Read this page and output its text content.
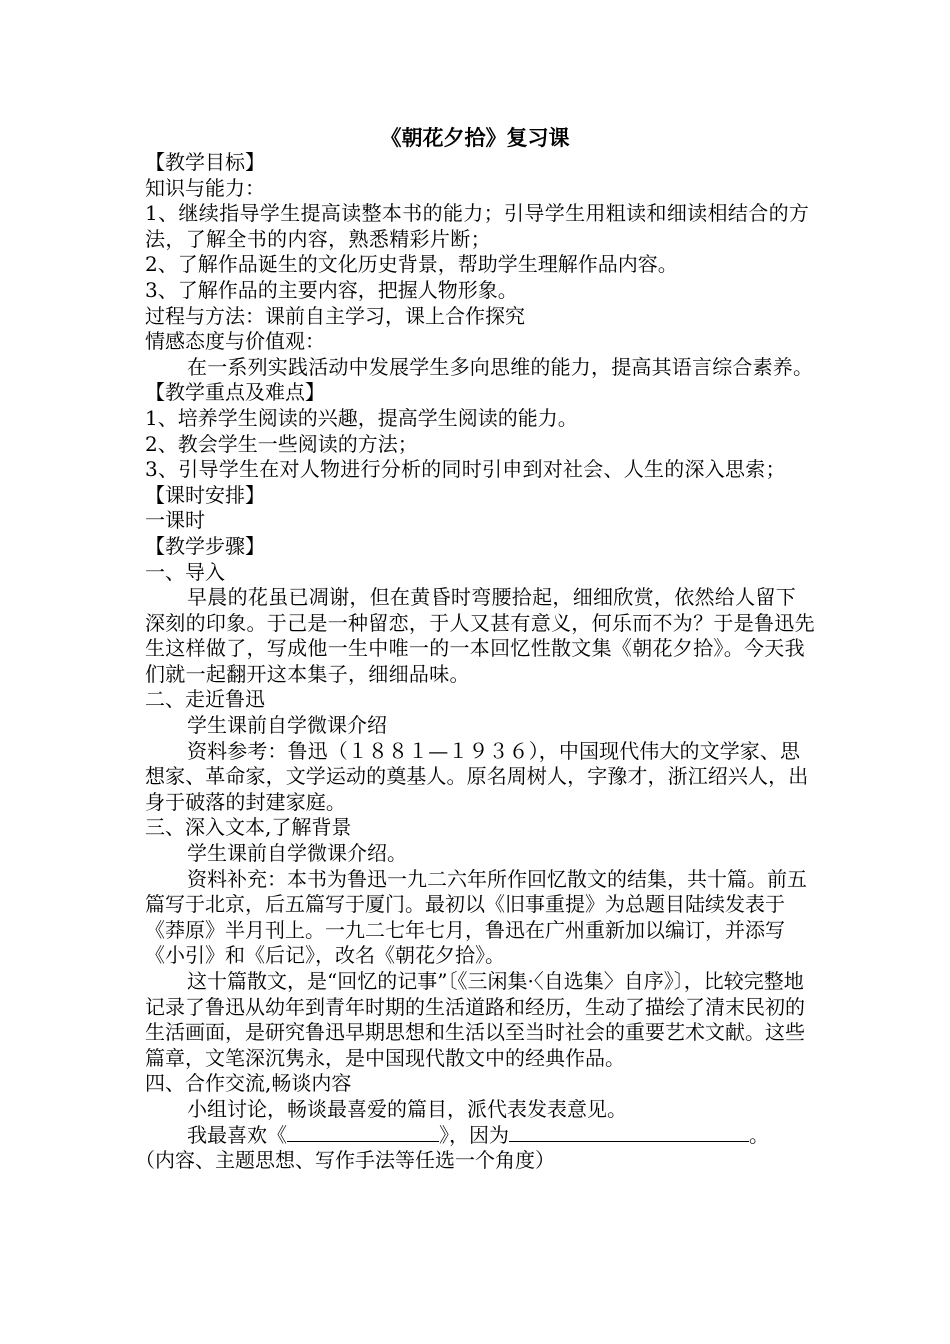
《朝花夕拾》复习课

【教学目标】

知识与能力：

1、继续指导学生提高读整本书的能力；引导学生用粗读和细读相结合的方法，了解全书的内容，熟悉精彩片断；

2、了解作品诞生的文化历史背景，帮助学生理解作品内容。

3、了解作品的主要内容，把握人物形象。

过程与方法：课前自主学习，课上合作探究

情感态度与价值观：

在一系列实践活动中发展学生多向思维的能力，提高其语言综合素养。

【教学重点及难点】

1、培养学生阅读的兴趣，提高学生阅读的能力。

2、教会学生一些阅读的方法；

3、引导学生在对人物进行分析的同时引申到对社会、人生的深入思索；

【课时安排】

一课时

【教学步骤】

一、导入

早晨的花虽已凋谢，但在黄昏时弯腰拾起，细细欣赏，依然给人留下深刻的印象。于己是一种留恋，于人又甚有意义，何乐而不为？于是鲁迅先生这样做了，写成他一生中唯一的一本回忆性散文集《朝花夕拾》。今天我们就一起翻开这本集子，细细品味。

二、走近鲁迅

学生课前自学微课介绍

资料参考：鲁迅（１８８１—１９３６），中国现代伟大的文学家、思想家、革命家，文学运动的奠基人。原名周树人，字豫才，浙江绍兴人，出身于破落的封建家庭。

三、深入文本,了解背景

学生课前自学微课介绍。

资料补充：本书为鲁迅一九二六年所作回忆散文的结集，共十篇。前五篇写于北京，后五篇写于厦门。最初以《旧事重提》为总题目陆续发表于《莽原》半月刊上。一九二七年七月，鲁迅在广州重新加以编订，并添写《小引》和《后记》，改名《朝花夕拾》。

这十篇散文，是“回忆的记事”〔《三闲集·〈自选集〉自序》〕，比较完整地记录了鲁迅从幼年到青年时期的生活道路和经历，生动了描绘了清末民初的生活画面，是研究鲁迅早期思想和生活以至当时社会的重要艺术文献。这些篇章，文笔深沉隽永，是中国现代散文中的经典作品。

四、合作交流,畅谈内容

小组讨论，畅谈最喜爱的篇目，派代表发表意见。

我最喜欢《	》，因为	。

（内容、主题思想、写作手法等任选一个角度）
